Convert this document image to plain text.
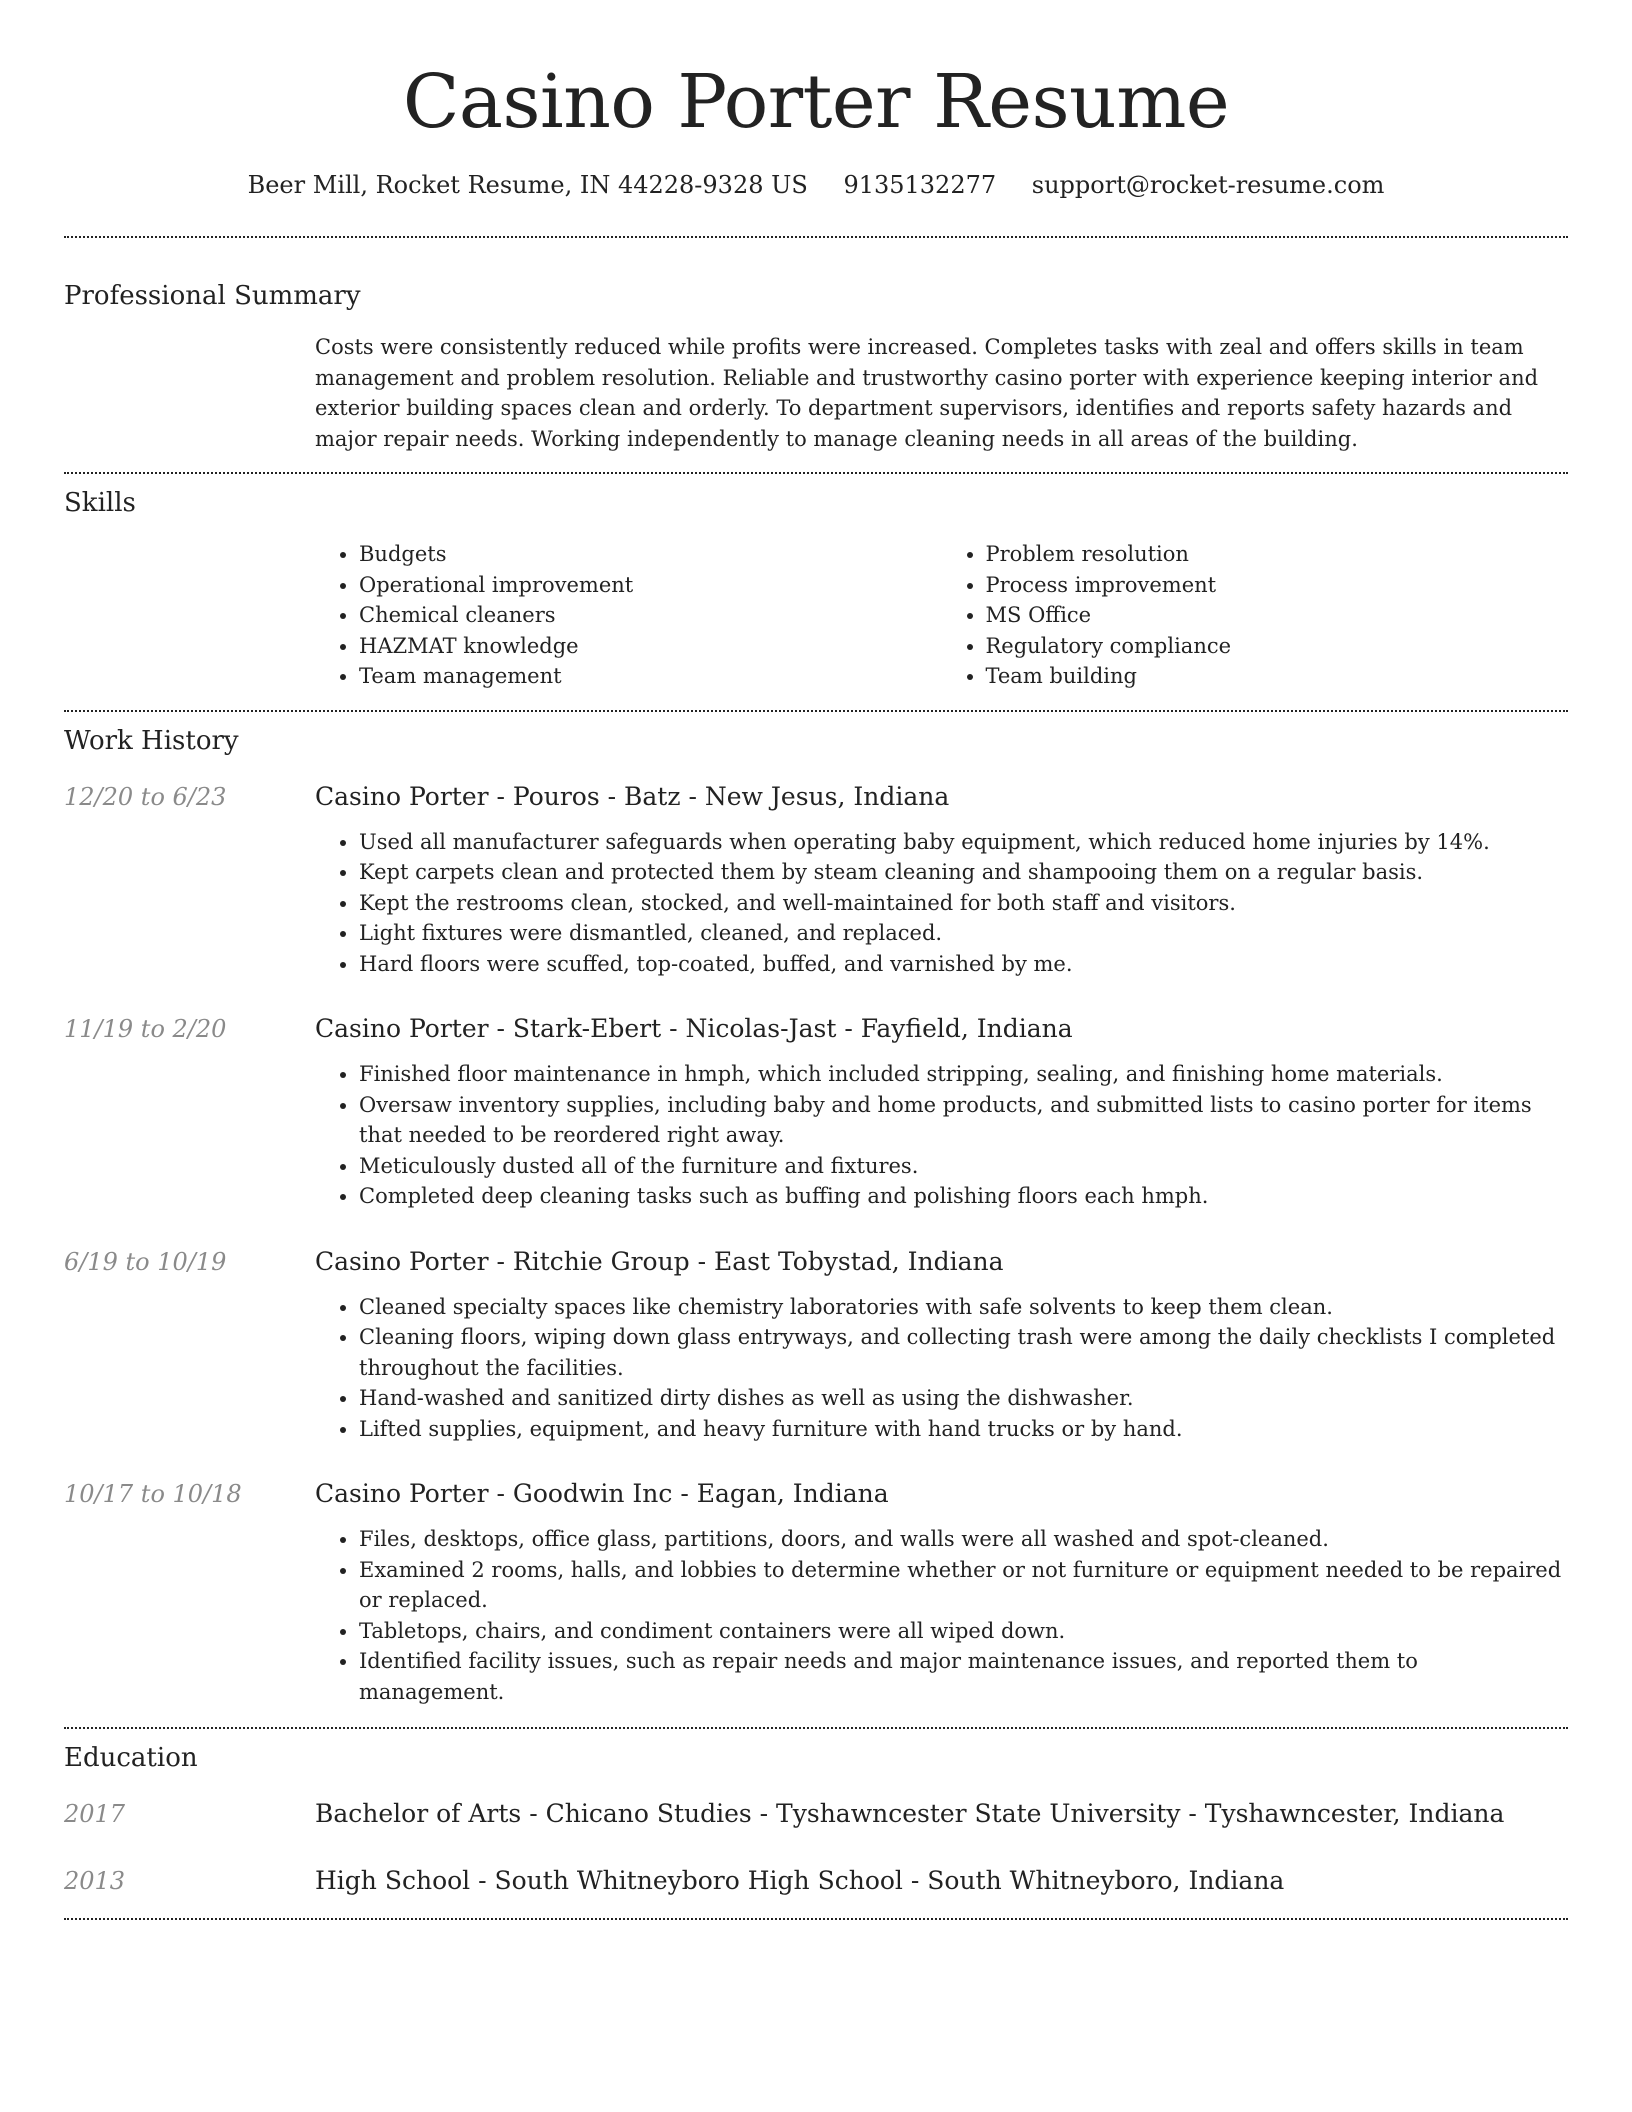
Casino Porter Resume
Beer Mill, Rocket Resume, IN 44228-9328 US 9135132277 support@rocket-resume.com
Professional Summary
Costs were consistently reduced while profits were increased. Completes tasks with zeal and offers skills in team management and problem resolution. Reliable and trustworthy casino porter with experience keeping interior and exterior building spaces clean and orderly. To department supervisors, identifies and reports safety hazards and major repair needs. Working independently to manage cleaning needs in all areas of the building.
Skills
• Budgets
• Operational improvement
• Chemical cleaners
• HAZMAT knowledge
• Team management
• Problem resolution
• Process improvement
• MS Office
• Regulatory compliance
• Team building
Work History
12/20 to 6/23	Casino Porter - Pouros - Batz - New Jesus, Indiana
• Used all manufacturer safeguards when operating baby equipment, which reduced home injuries by 14%.
• Kept carpets clean and protected them by steam cleaning and shampooing them on a regular basis.
• Kept the restrooms clean, stocked, and well-maintained for both staff and visitors.
• Light fixtures were dismantled, cleaned, and replaced.
• Hard floors were scuffed, top-coated, buffed, and varnished by me.
11/19 to 2/20	Casino Porter - Stark-Ebert - Nicolas-Jast - Fayfield, Indiana
• Finished floor maintenance in hmph, which included stripping, sealing, and finishing home materials.
• Oversaw inventory supplies, including baby and home products, and submitted lists to casino porter for items that needed to be reordered right away.
• Meticulously dusted all of the furniture and fixtures.
• Completed deep cleaning tasks such as buffing and polishing floors each hmph.
6/19 to 10/19	Casino Porter - Ritchie Group - East Tobystad, Indiana
• Cleaned specialty spaces like chemistry laboratories with safe solvents to keep them clean.
• Cleaning floors, wiping down glass entryways, and collecting trash were among the daily checklists I completed throughout the facilities.
• Hand-washed and sanitized dirty dishes as well as using the dishwasher.
• Lifted supplies, equipment, and heavy furniture with hand trucks or by hand.
10/17 to 10/18	Casino Porter - Goodwin Inc - Eagan, Indiana
• Files, desktops, office glass, partitions, doors, and walls were all washed and spot-cleaned.
• Examined 2 rooms, halls, and lobbies to determine whether or not furniture or equipment needed to be repaired or replaced.
• Tabletops, chairs, and condiment containers were all wiped down.
• Identified facility issues, such as repair needs and major maintenance issues, and reported them to management.
Education
2017	Bachelor of Arts - Chicano Studies - Tyshawncester State University - Tyshawncester, Indiana
2013	High School - South Whitneyboro High School - South Whitneyboro, Indiana
